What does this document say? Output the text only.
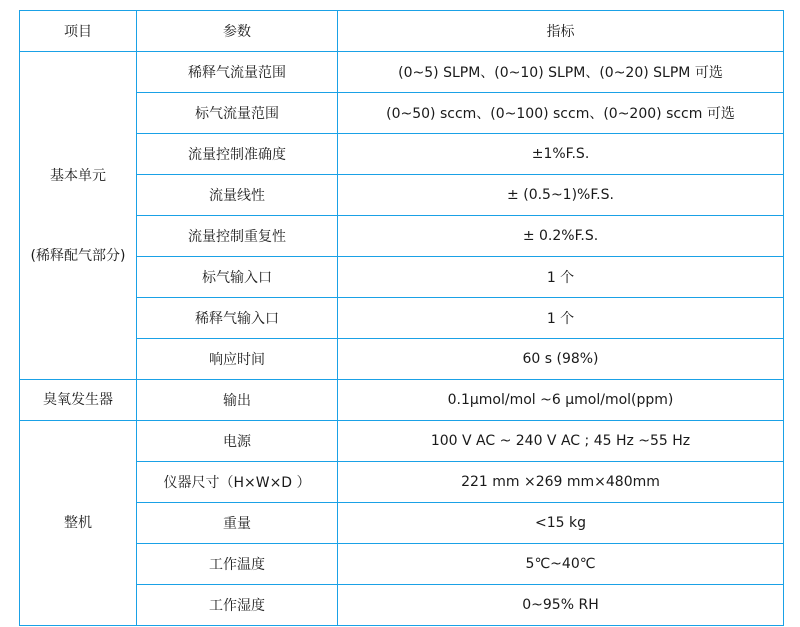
项目	参数	指标

基本单元
(稀释配气部分)	稀释气流量范围	(0~5) SLPM、(0~10) SLPM、(0~20) SLPM 可选
	标气流量范围	(0~50) sccm、(0~100) sccm、(0~200) sccm 可选
	流量控制准确度	±1%F.S.
	流量线性	± (0.5~1)%F.S.
	流量控制重复性	± 0.2%F.S.
	标气输入口	1 个
	稀释气输入口	1 个
	响应时间	60 s (98%)
臭氧发生器	输出	0.1μmol/mol ~6 μmol/mol(ppm)
整机	电源	100 V AC ~ 240 V AC ; 45 Hz ~55 Hz
	仪器尺寸（H×W×D ）	221 mm ×269 mm×480mm
	重量	<15 kg
	工作温度	5℃~40℃
	工作湿度	0~95% RH
